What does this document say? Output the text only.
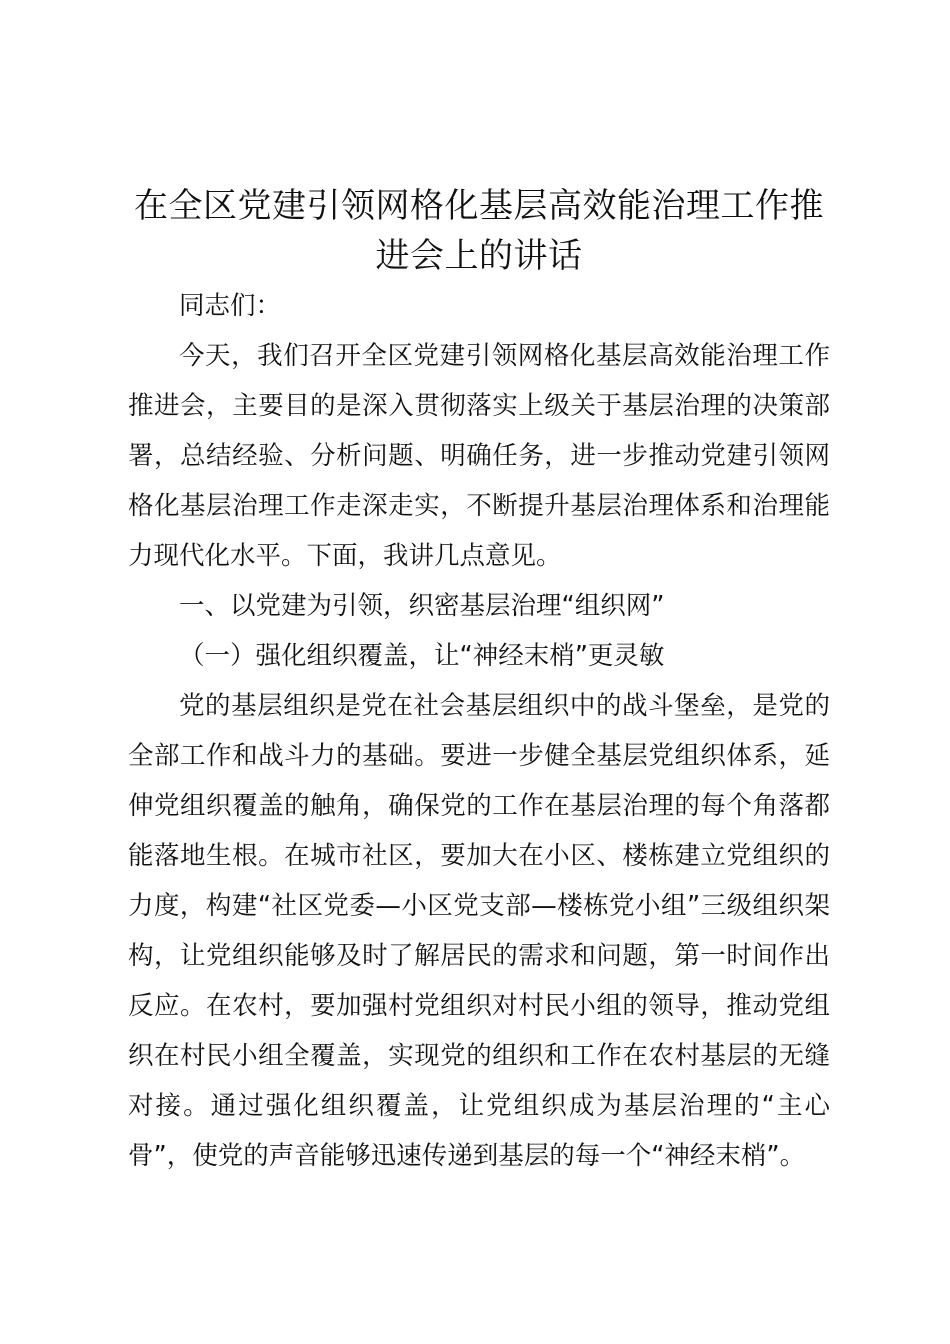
在全区党建引领网格化基层高效能治理工作推进会上的讲话

同志们：

今天，我们召开全区党建引领网格化基层高效能治理工作推进会，主要目的是深入贯彻落实上级关于基层治理的决策部署，总结经验、分析问题、明确任务，进一步推动党建引领网格化基层治理工作走深走实，不断提升基层治理体系和治理能力现代化水平。下面，我讲几点意见。

一、以党建为引领，织密基层治理“组织网”

（一）强化组织覆盖，让“神经末梢”更灵敏

党的基层组织是党在社会基层组织中的战斗堡垒，是党的全部工作和战斗力的基础。要进一步健全基层党组织体系，延伸党组织覆盖的触角，确保党的工作在基层治理的每个角落都能落地生根。在城市社区，要加大在小区、楼栋建立党组织的力度，构建“社区党委—小区党支部—楼栋党小组”三级组织架构，让党组织能够及时了解居民的需求和问题，第一时间作出反应。在农村，要加强村党组织对村民小组的领导，推动党组织在村民小组全覆盖，实现党的组织和工作在农村基层的无缝对接。通过强化组织覆盖，让党组织成为基层治理的“主心骨”，使党的声音能够迅速传递到基层的每一个“神经末梢”。
